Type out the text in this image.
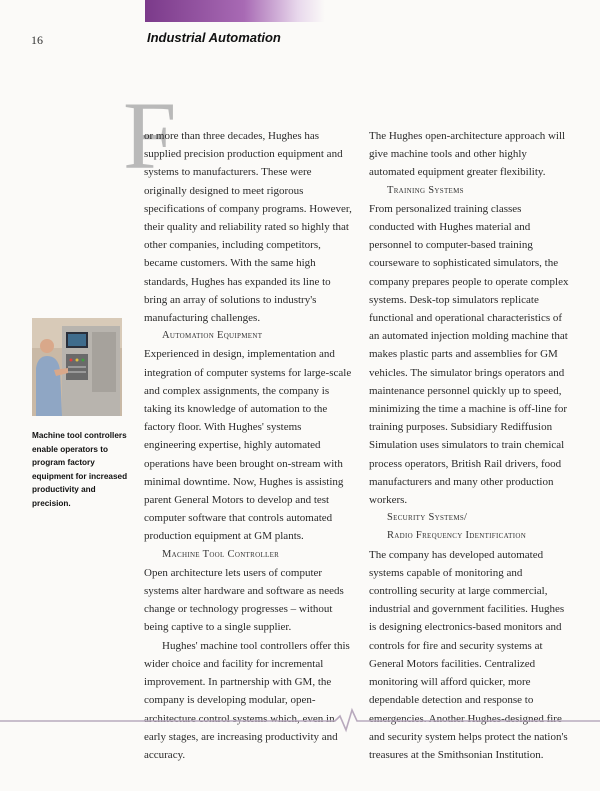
16	Industrial Automation
F
Machine tool controllers enable operators to program factory equipment for increased productivity and precision.

or more than three decades, Hughes has supplied precision production equipment and systems to manufacturers. These were originally designed to meet rigorous specifications of company programs. However, their quality and reliability rated so highly that other companies, including competitors, became customers. With the same high standards, Hughes has expanded its line to bring an array of solutions to industry's manufacturing challenges.

Automation Equipment

Experienced in design, implementation and integration of computer systems for large-scale and complex assignments, the company is taking its knowledge of automation to the factory floor. With Hughes' systems engineering expertise, highly automated operations have been brought on-stream with minimal downtime. Now, Hughes is assisting parent General Motors to develop and test computer software that controls automated production equipment at GM plants.

Machine Tool Controller

Open architecture lets users of computer systems alter hardware and software as needs change or technology progresses – without being captive to a single supplier.

Hughes' machine tool controllers offer this wider choice and facility for incremental improvement. In partnership with GM, the company is developing modular, open-architecture control systems which, even in early stages, are increasing productivity and accuracy.

The Hughes open-architecture approach will give machine tools and other highly automated equipment greater flexibility.

Training Systems

From personalized training classes conducted with Hughes material and personnel to computer-based training courseware to sophisticated simulators, the company prepares people to operate complex systems. Desk-top simulators replicate functional and operational characteristics of an automated injection molding machine that makes plastic parts and assemblies for GM vehicles. The simulator brings operators and maintenance personnel quickly up to speed, minimizing the time a machine is off-line for training purposes. Subsidiary Rediffusion Simulation uses simulators to train chemical process operators, British Rail drivers, food manufacturers and many other production workers.

Security Systems/

Radio Frequency Identification

The company has developed automated systems capable of monitoring and controlling security at large commercial, industrial and government facilities. Hughes is designing electronics-based monitors and controls for fire and security systems at General Motors facilities. Centralized monitoring will afford quicker, more dependable detection and response to emergencies. Another Hughes-designed fire and security system helps protect the nation's treasures at the Smithsonian Institution.
